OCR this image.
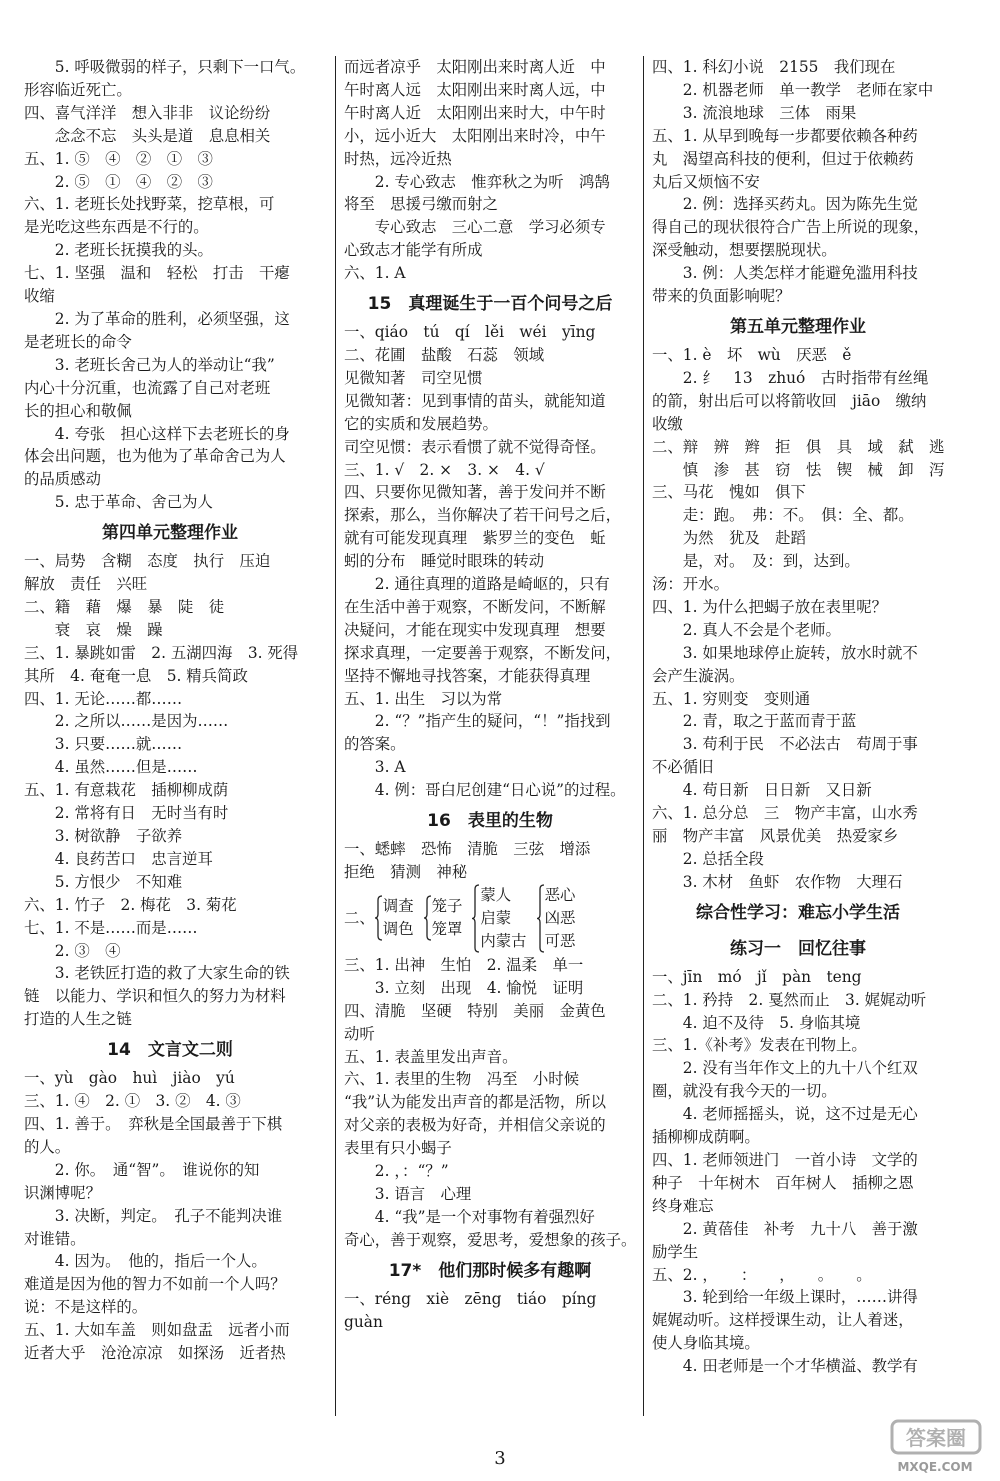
　　5. 呼吸微弱的样子，只剩下一口气。
形容临近死亡。
四、喜气洋洋　想入非非　议论纷纷
　　念念不忘　头头是道　息息相关
五、1. ⑤　④　②　①　③
　　2. ⑤　①　④　②　③
六、1. 老班长处找野菜，挖草根，可
是光吃这些东西是不行的。
　　2. 老班长抚摸我的头。
七、1. 坚强　温和　轻松　打击　干瘪
收缩
　　2. 为了革命的胜利，必须坚强，这
是老班长的命令
　　3. 老班长舍己为人的举动让“我”
内心十分沉重，也流露了自己对老班
长的担心和敬佩
　　4. 夸张　担心这样下去老班长的身
体会出问题，也为他为了革命舍己为人
的品质感动
　　5. 忠于革命、舍己为人
第四单元整理作业
一、局势　含糊　态度　执行　压迫
解放　责任　兴旺
二、籍　藉　爆　暴　陡　徒
　　衰　哀　燥　躁
三、1. 暴跳如雷　2. 五湖四海　3. 死得
其所　4. 奄奄一息　5. 精兵简政
四、1. 无论……都……
　　2. 之所以……是因为……
　　3. 只要……就……
　　4. 虽然……但是……
五、1. 有意栽花　插柳柳成荫
　　2. 常将有日　无时当有时
　　3. 树欲静　子欲养
　　4. 良药苦口　忠言逆耳
　　5. 方恨少　不知难
六、1. 竹子　2. 梅花　3. 菊花
七、1. 不是……而是……
　　2. ③　④
　　3. 老铁匠打造的救了大家生命的铁
链　以能力、学识和恒久的努力为材料
打造的人生之链
14　文言文二则
一、yù　gào　huì　jiào　yú
三、1. ④　2. ①　3. ②　4. ③
四、1. 善于。　弈秋是全国最善于下棋
的人。
　　2. 你。　通“智”。　谁说你的知
识渊博呢？
　　3. 决断，判定。　孔子不能判决谁
对谁错。
　　4. 因为。　他的，指后一个人。
难道是因为他的智力不如前一个人吗？
说：不是这样的。
五、1. 大如车盖　则如盘盂　远者小而
近者大乎　沧沧凉凉　如探汤　近者热
而远者凉乎　太阳刚出来时离人近　中
午时离人远　太阳刚出来时离人远，中
午时离人近　太阳刚出来时大，中午时
小，远小近大　太阳刚出来时冷，中午
时热，远冷近热
　　2. 专心致志　惟弈秋之为听　鸿鹄
将至　思援弓缴而射之
　　专心致志　三心二意　学习必须专
心致志才能学有所成
六、1. A
15　真理诞生于一百个问号之后
一、qiáo　tú　qí　lěi　wéi　yīng
二、花圃　盐酸　石蕊　领域
见微知著　司空见惯
见微知著：见到事情的苗头，就能知道
它的实质和发展趋势。
司空见惯：表示看惯了就不觉得奇怪。
三、1. √　2. ×　3. ×　4. √
四、只要你见微知著，善于发问并不断
探索，那么，当你解决了若干问号之后，
就有可能发现真理　紫罗兰的变色　蚯
蚓的分布　睡觉时眼珠的转动
　　2. 通往真理的道路是崎岖的，只有
在生活中善于观察，不断发问，不断解
决疑问，才能在现实中发现真理　想要
探求真理，一定要善于观察，不断发问，
坚持不懈地寻找答案，才能获得真理
五、1. 出生　习以为常
　　2. “？”指产生的疑问，“！”指找到
的答案。
　　3. A
　　4. 例：哥白尼创建“日心说”的过程。
16　表里的生物
一、蟋蟀　恐怖　清脆　三弦　增添
拒绝　猜测　神秘
二、
调查
调色
笼子
笼罩
蒙人
启蒙
内蒙古
恶心
凶恶
可恶
三、1. 出神　生怕　2. 温柔　单一
　　3. 立刻　出现　4. 愉悦　证明
四、清脆　坚硬　特别　美丽　金黄色
动听
五、1. 表盖里发出声音。
六、1. 表里的生物　冯至　小时候
“我”认为能发出声音的都是活物，所以
对父亲的表极为好奇，并相信父亲说的
表里有只小蝎子
　　2. ，：“？”
　　3. 语言　心理
　　4. “我”是一个对事物有着强烈好
奇心，善于观察，爱思考，爱想象的孩子。
17*　他们那时候多有趣啊
一、réng　xiè　zēng　tiáo　píng
guàn
四、1. 科幻小说　2155　我们现在
　　2. 机器老师　单一教学　老师在家中
　　3. 流浪地球　三体　雨果
五、1. 从早到晚每一步都要依赖各种药
丸　渴望高科技的便利，但过于依赖药
丸后又烦恼不安
　　2. 例：选择买药丸。因为陈先生觉
得自己的现状很符合广告上所说的现象，
深受触动，想要摆脱现状。
　　3. 例：人类怎样才能避免滥用科技
带来的负面影响呢？
第五单元整理作业
一、1. è　坏　wù　厌恶　ě
　　2. 纟　13　zhuó　古时指带有丝绳
的箭，射出后可以将箭收回　jiāo　缴纳
收缴
二、辩　辨　辫　拒　俱　具　域　弑　逃
　　慎　渗　甚　窃　怯　锲　械　卸　泻
三、马花　愧如　俱下
　　走：跑。　弗：不。　俱：全、都。
　　为然　犹及　赴蹈
　　是，对。　及：到，达到。
汤：开水。
四、1. 为什么把蝎子放在表里呢？
　　2. 真人不会是个老师。
　　3. 如果地球停止旋转，放水时就不
会产生漩涡。
五、1. 穷则变　变则通
　　2. 青，取之于蓝而青于蓝
　　3. 苟利于民　不必法古　苟周于事
不必循旧
　　4. 苟日新　日日新　又日新
六、1. 总分总　三　物产丰富，山水秀
丽　物产丰富　风景优美　热爱家乡
　　2. 总括全段
　　3. 木材　鱼虾　农作物　大理石
综合性学习：难忘小学生活
练习一　回忆往事
一、jīn　mó　jǐ　pàn　teng
二、1. 矜持　2. 戛然而止　3. 娓娓动听
　　4. 迫不及待　5. 身临其境
三、1.《补考》发表在刊物上。
　　2. 没有当年作文上的九十八个红双
圈，就没有我今天的一切。
　　4. 老师摇摇头，说，这不过是无心
插柳柳成荫啊。
四、1. 老师领进门　一首小诗　文学的
种子　十年树木　百年树人　插柳之恩
终身难忘
　　2. 黄蓓佳　补考　九十八　善于激
励学生
五、2. ，　　：　　，　　。　　。
　　3. 轮到给一年级上课时，……讲得
娓娓动听。这样授课生动，让人着迷，
使人身临其境。
　　4. 田老师是一个才华横溢、教学有
3
答案圈
MXQE.COM
